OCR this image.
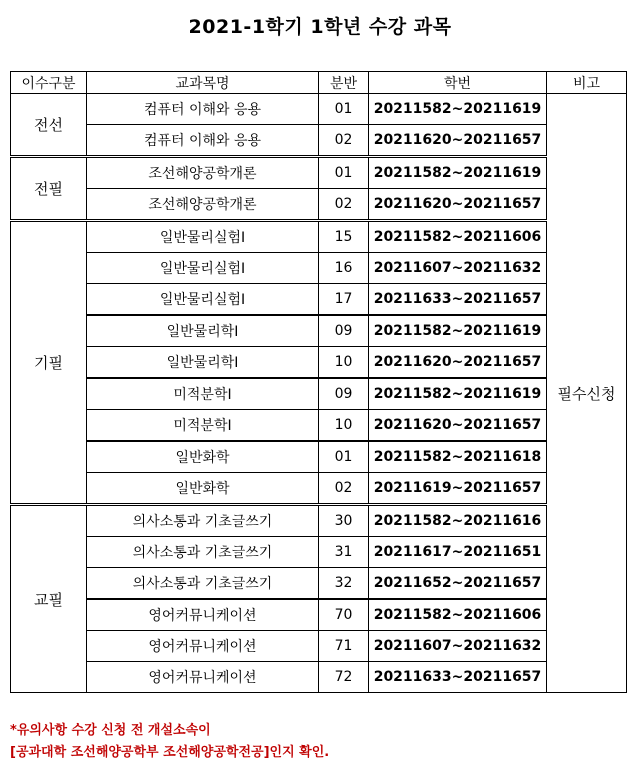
2021-1학기 1학년 수강 과목
이수구분	교과목명	분반	학번	비고
전선	컴퓨터 이해와 응용	01	20211582~20211619	필수신청
	컴퓨터 이해와 응용	02	20211620~20211657	
전필	조선해양공학개론	01	20211582~20211619	
	조선해양공학개론	02	20211620~20211657	
기필	일반물리실험Ⅰ	15	20211582~20211606	
	일반물리실험Ⅰ	16	20211607~20211632	
	일반물리실험Ⅰ	17	20211633~20211657	
	일반물리학Ⅰ	09	20211582~20211619	
	일반물리학Ⅰ	10	20211620~20211657	
	미적분학Ⅰ	09	20211582~20211619	
	미적분학Ⅰ	10	20211620~20211657	
	일반화학	01	20211582~20211618	
	일반화학	02	20211619~20211657	
교필	의사소통과 기초글쓰기	30	20211582~20211616	
	의사소통과 기초글쓰기	31	20211617~20211651	
	의사소통과 기초글쓰기	32	20211652~20211657	
	영어커뮤니케이션	70	20211582~20211606	
	영어커뮤니케이션	71	20211607~20211632	
	영어커뮤니케이션	72	20211633~20211657	
*유의사항 수강 신청 전 개설소속이
[공과대학 조선해양공학부 조선해양공학전공]인지 확인.
